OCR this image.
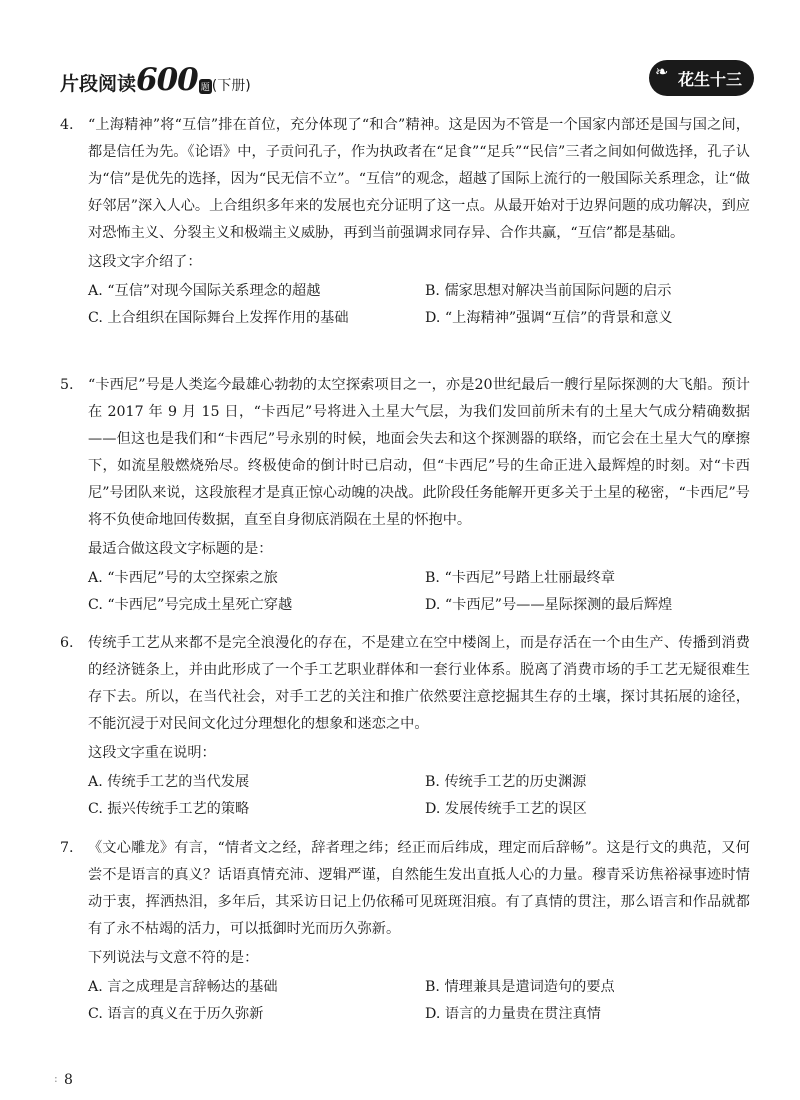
片段阅读600 题 (下册)
❧ 花生十三

4. “上海精神”将“互信”排在首位，充分体现了“和合”精神。这是因为不管是一个国家内部还是国与国之间，都是信任为先。《论语》中，子贡问孔子，作为执政者在“足食”“足兵”“民信”三者之间如何做选择，孔子认为“信”是优先的选择，因为“民无信不立”。“互信”的观念，超越了国际上流行的一般国际关系理念，让“做好邻居”深入人心。上合组织多年来的发展也充分证明了这一点。从最开始对于边界问题的成功解决，到应对恐怖主义、分裂主义和极端主义威胁，再到当前强调求同存异、合作共赢，“互信”都是基础。

这段文字介绍了：
A. “互信”对现今国际关系理念的超越	B. 儒家思想对解决当前国际问题的启示
C. 上合组织在国际舞台上发挥作用的基础	D. “上海精神”强调“互信”的背景和意义

5. “卡西尼”号是人类迄今最雄心勃勃的太空探索项目之一，亦是20世纪最后一艘行星际探测的大飞船。预计在 2017 年 9 月 15 日，“卡西尼”号将进入土星大气层，为我们发回前所未有的土星大气成分精确数据——但这也是我们和“卡西尼”号永别的时候，地面会失去和这个探测器的联络，而它会在土星大气的摩擦下，如流星般燃烧殆尽。终极使命的倒计时已启动，但“卡西尼”号的生命正进入最辉煌的时刻。对“卡西尼”号团队来说，这段旅程才是真正惊心动魄的决战。此阶段任务能解开更多关于土星的秘密，“卡西尼”号将不负使命地回传数据，直至自身彻底消陨在土星的怀抱中。

最适合做这段文字标题的是：
A. “卡西尼”号的太空探索之旅	B. “卡西尼”号踏上壮丽最终章
C. “卡西尼”号完成土星死亡穿越	D. “卡西尼”号——星际探测的最后辉煌

6. 传统手工艺从来都不是完全浪漫化的存在，不是建立在空中楼阁上，而是存活在一个由生产、传播到消费的经济链条上，并由此形成了一个手工艺职业群体和一套行业体系。脱离了消费市场的手工艺无疑很难生存下去。所以，在当代社会，对手工艺的关注和推广依然要注意挖掘其生存的土壤，探讨其拓展的途径，不能沉浸于对民间文化过分理想化的想象和迷恋之中。

这段文字重在说明：
A. 传统手工艺的当代发展	B. 传统手工艺的历史渊源
C. 振兴传统手工艺的策略	D. 发展传统手工艺的误区

7. 《文心雕龙》有言，“情者文之经，辞者理之纬；经正而后纬成，理定而后辞畅”。这是行文的典范，又何尝不是语言的真义？话语真情充沛、逻辑严谨，自然能生发出直抵人心的力量。穆青采访焦裕禄事迹时情动于衷，挥洒热泪，多年后，其采访日记上仍依稀可见斑斑泪痕。有了真情的贯注，那么语言和作品就都有了永不枯竭的活力，可以抵御时光而历久弥新。

下列说法与文意不符的是：
A. 言之成理是言辞畅达的基础	B. 情理兼具是遣词造句的要点
C. 语言的真义在于历久弥新	D. 语言的力量贵在贯注真情
: 8
